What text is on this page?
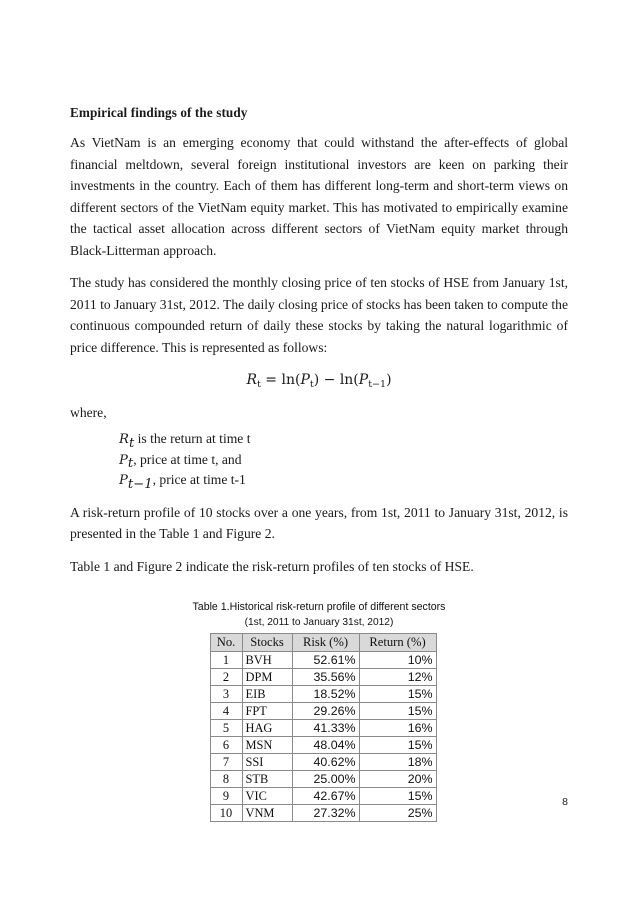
Empirical findings of the study

As VietNam is an emerging economy that could withstand the after-effects of global financial meltdown, several foreign institutional investors are keen on parking their investments in the country. Each of them has different long-term and short-term views on different sectors of the VietNam equity market. This has motivated to empirically examine the tactical asset allocation across different sectors of VietNam equity market through Black-Litterman approach.

The study has considered the monthly closing price of ten stocks of HSE from January 1st, 2011 to January 31st, 2012. The daily closing price of stocks has been taken to compute the continuous compounded return of daily these stocks by taking the natural logarithmic of price difference. This is represented as follows:

$R_t = \ln(P_t) - \ln(P_{t-1})$
where,
$R_t$ is the return at time t
$P_t$, price at time t, and
$P_{t-1}$, price at time t-1

A risk-return profile of 10 stocks over a one years, from 1st, 2011 to January 31st, 2012, is presented in the Table 1 and Figure 2.

Table 1 and Figure 2 indicate the risk-return profiles of ten stocks of HSE.

Table 1.Historical risk-return profile of different sectors
(1st, 2011 to January 31st, 2012)
No.	Stocks	Risk (%)	Return (%)
1	BVH	52.61%	10%
2	DPM	35.56%	12%
3	EIB	18.52%	15%
4	FPT	29.26%	15%
5	HAG	41.33%	16%
6	MSN	48.04%	15%
7	SSI	40.62%	18%
8	STB	25.00%	20%
9	VIC	42.67%	15%
10	VNM	27.32%	25%
8
